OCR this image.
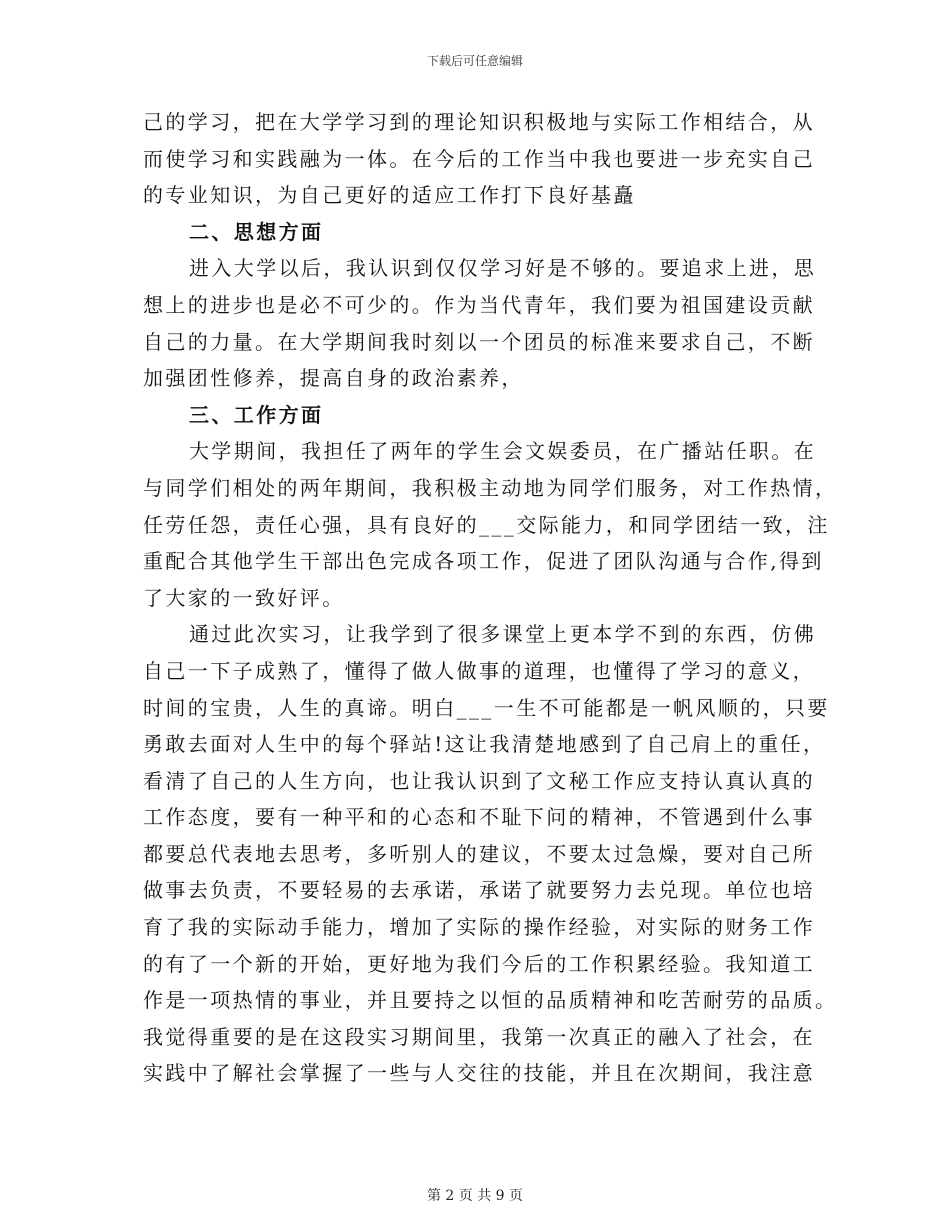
下载后可任意编辑
己的学习，把在大学学习到的理论知识积极地与实际工作相结合，从
而使学习和实践融为一体。在今后的工作当中我也要进一步充实自己
的专业知识，为自己更好的适应工作打下良好基矗
二、思想方面
进入大学以后，我认识到仅仅学习好是不够的。要追求上进，思
想上的进步也是必不可少的。作为当代青年，我们要为祖国建设贡献
自己的力量。在大学期间我时刻以一个团员的标准来要求自己，不断
加强团性修养，提高自身的政治素养，
三、工作方面
大学期间，我担任了两年的学生会文娱委员，在广播站任职。在
与同学们相处的两年期间，我积极主动地为同学们服务，对工作热情，
任劳任怨，责任心强，具有良好的___交际能力，和同学团结一致，注
重配合其他学生干部出色完成各项工作，促进了团队沟通与合作,得到
了大家的一致好评。
通过此次实习，让我学到了很多课堂上更本学不到的东西，仿佛
自己一下子成熟了，懂得了做人做事的道理，也懂得了学习的意义，
时间的宝贵，人生的真谛。明白___一生不可能都是一帆风顺的，只要
勇敢去面对人生中的每个驿站!这让我清楚地感到了自己肩上的重任，
看清了自己的人生方向，也让我认识到了文秘工作应支持认真认真的
工作态度，要有一种平和的心态和不耻下问的精神，不管遇到什么事
都要总代表地去思考，多听别人的建议，不要太过急燥，要对自己所
做事去负责，不要轻易的去承诺，承诺了就要努力去兑现。单位也培
育了我的实际动手能力，增加了实际的操作经验，对实际的财务工作
的有了一个新的开始，更好地为我们今后的工作积累经验。我知道工
作是一项热情的事业，并且要持之以恒的品质精神和吃苦耐劳的品质。
我觉得重要的是在这段实习期间里，我第一次真正的融入了社会，在
实践中了解社会掌握了一些与人交往的技能，并且在次期间，我注意
第 2 页 共 9 页
